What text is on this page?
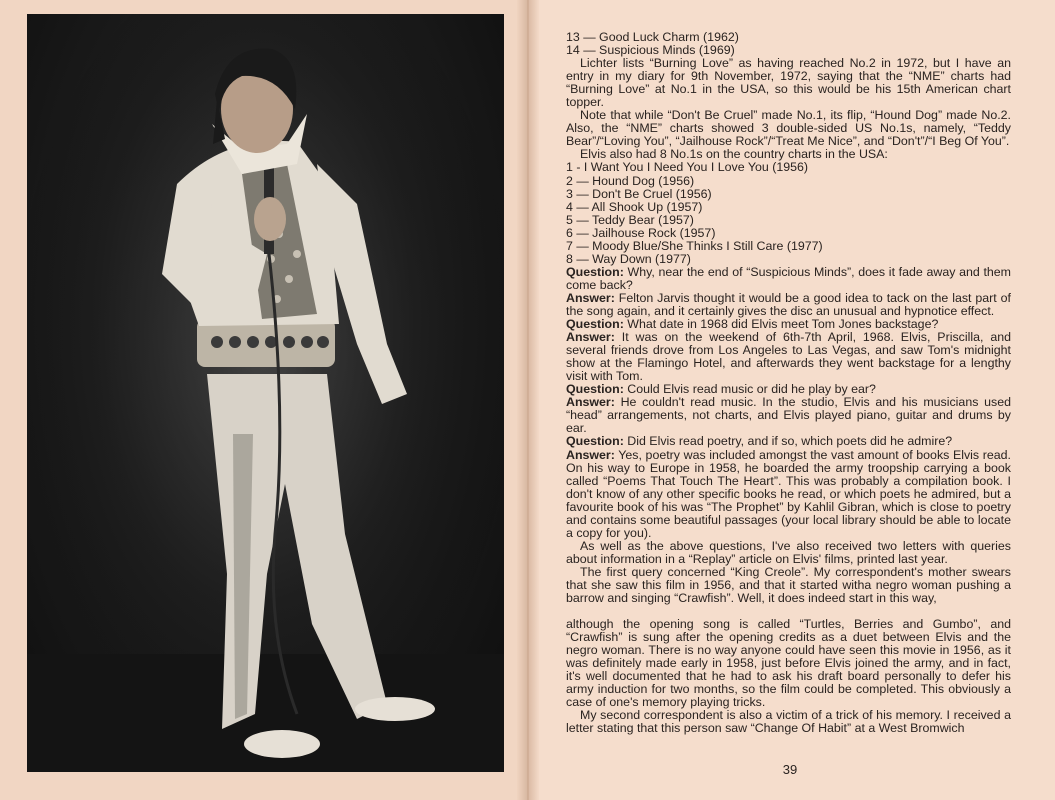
13 — Good Luck Charm (1962)

14 — Suspicious Minds (1969)

Lichter lists “Burning Love” as having reached No.2 in 1972, but I have an entry in my diary for 9th November, 1972, saying that the “NME” charts had “Burning Love” at No.1 in the USA, so this would be his 15th American chart topper.

Note that while “Don't Be Cruel” made No.1, its flip, “Hound Dog” made No.2. Also, the “NME” charts showed 3 double-sided US No.1s, namely, “Teddy Bear”/“Loving You”, “Jailhouse Rock”/“Treat Me Nice”, and “Don't”/“I Beg Of You”.

Elvis also had 8 No.1s on the country charts in the USA:

1 - I Want You I Need You I Love You (1956)

2 — Hound Dog (1956)

3 — Don't Be Cruel (1956)

4 — All Shook Up (1957)

5 — Teddy Bear (1957)

6 — Jailhouse Rock (1957)

7 — Moody Blue/She Thinks I Still Care (1977)

8 — Way Down (1977)

Question: Why, near the end of “Suspicious Minds”, does it fade away and them come back?

Answer: Felton Jarvis thought it would be a good idea to tack on the last part of the song again, and it certainly gives the disc an unusual and hypnotice effect.

Question: What date in 1968 did Elvis meet Tom Jones backstage?

Answer: It was on the weekend of 6th-7th April, 1968. Elvis, Priscilla, and several friends drove from Los Angeles to Las Vegas, and saw Tom's midnight show at the Flamingo Hotel, and afterwards they went backstage for a lengthy visit with Tom.

Question: Could Elvis read music or did he play by ear?

Answer: He couldn't read music. In the studio, Elvis and his musicians used “head” arrangements, not charts, and Elvis played piano, guitar and drums by ear.

Question: Did Elvis read poetry, and if so, which poets did he admire?

Answer: Yes, poetry was included amongst the vast amount of books Elvis read. On his way to Europe in 1958, he boarded the army troopship carrying a book called “Poems That Touch The Heart”. This was probably a compilation book. I don't know of any other specific books he read, or which poets he admired, but a favourite book of his was “The Prophet” by Kahlil Gibran, which is close to poetry and contains some beautiful passages (your local library should be able to locate a copy for you).

As well as the above questions, I've also received two letters with queries about information in a “Replay” article on Elvis' films, printed last year.

The first query concerned “King Creole”. My correspondent's mother swears that she saw this film in 1956, and that it started witha negro woman pushing a barrow and singing “Crawfish”. Well, it does indeed start in this way,

although the opening song is called “Turtles, Berries and Gumbo”, and “Crawfish” is sung after the opening credits as a duet between Elvis and the negro woman. There is no way anyone could have seen this movie in 1956, as it was definitely made early in 1958, just before Elvis joined the army, and in fact, it's well documented that he had to ask his draft board personally to defer his army induction for two months, so the film could be completed. This obviously a case of one's memory playing tricks.

My second correspondent is also a victim of a trick of his memory. I received a letter stating that this person saw “Change Of Habit” at a West Bromwich

39
